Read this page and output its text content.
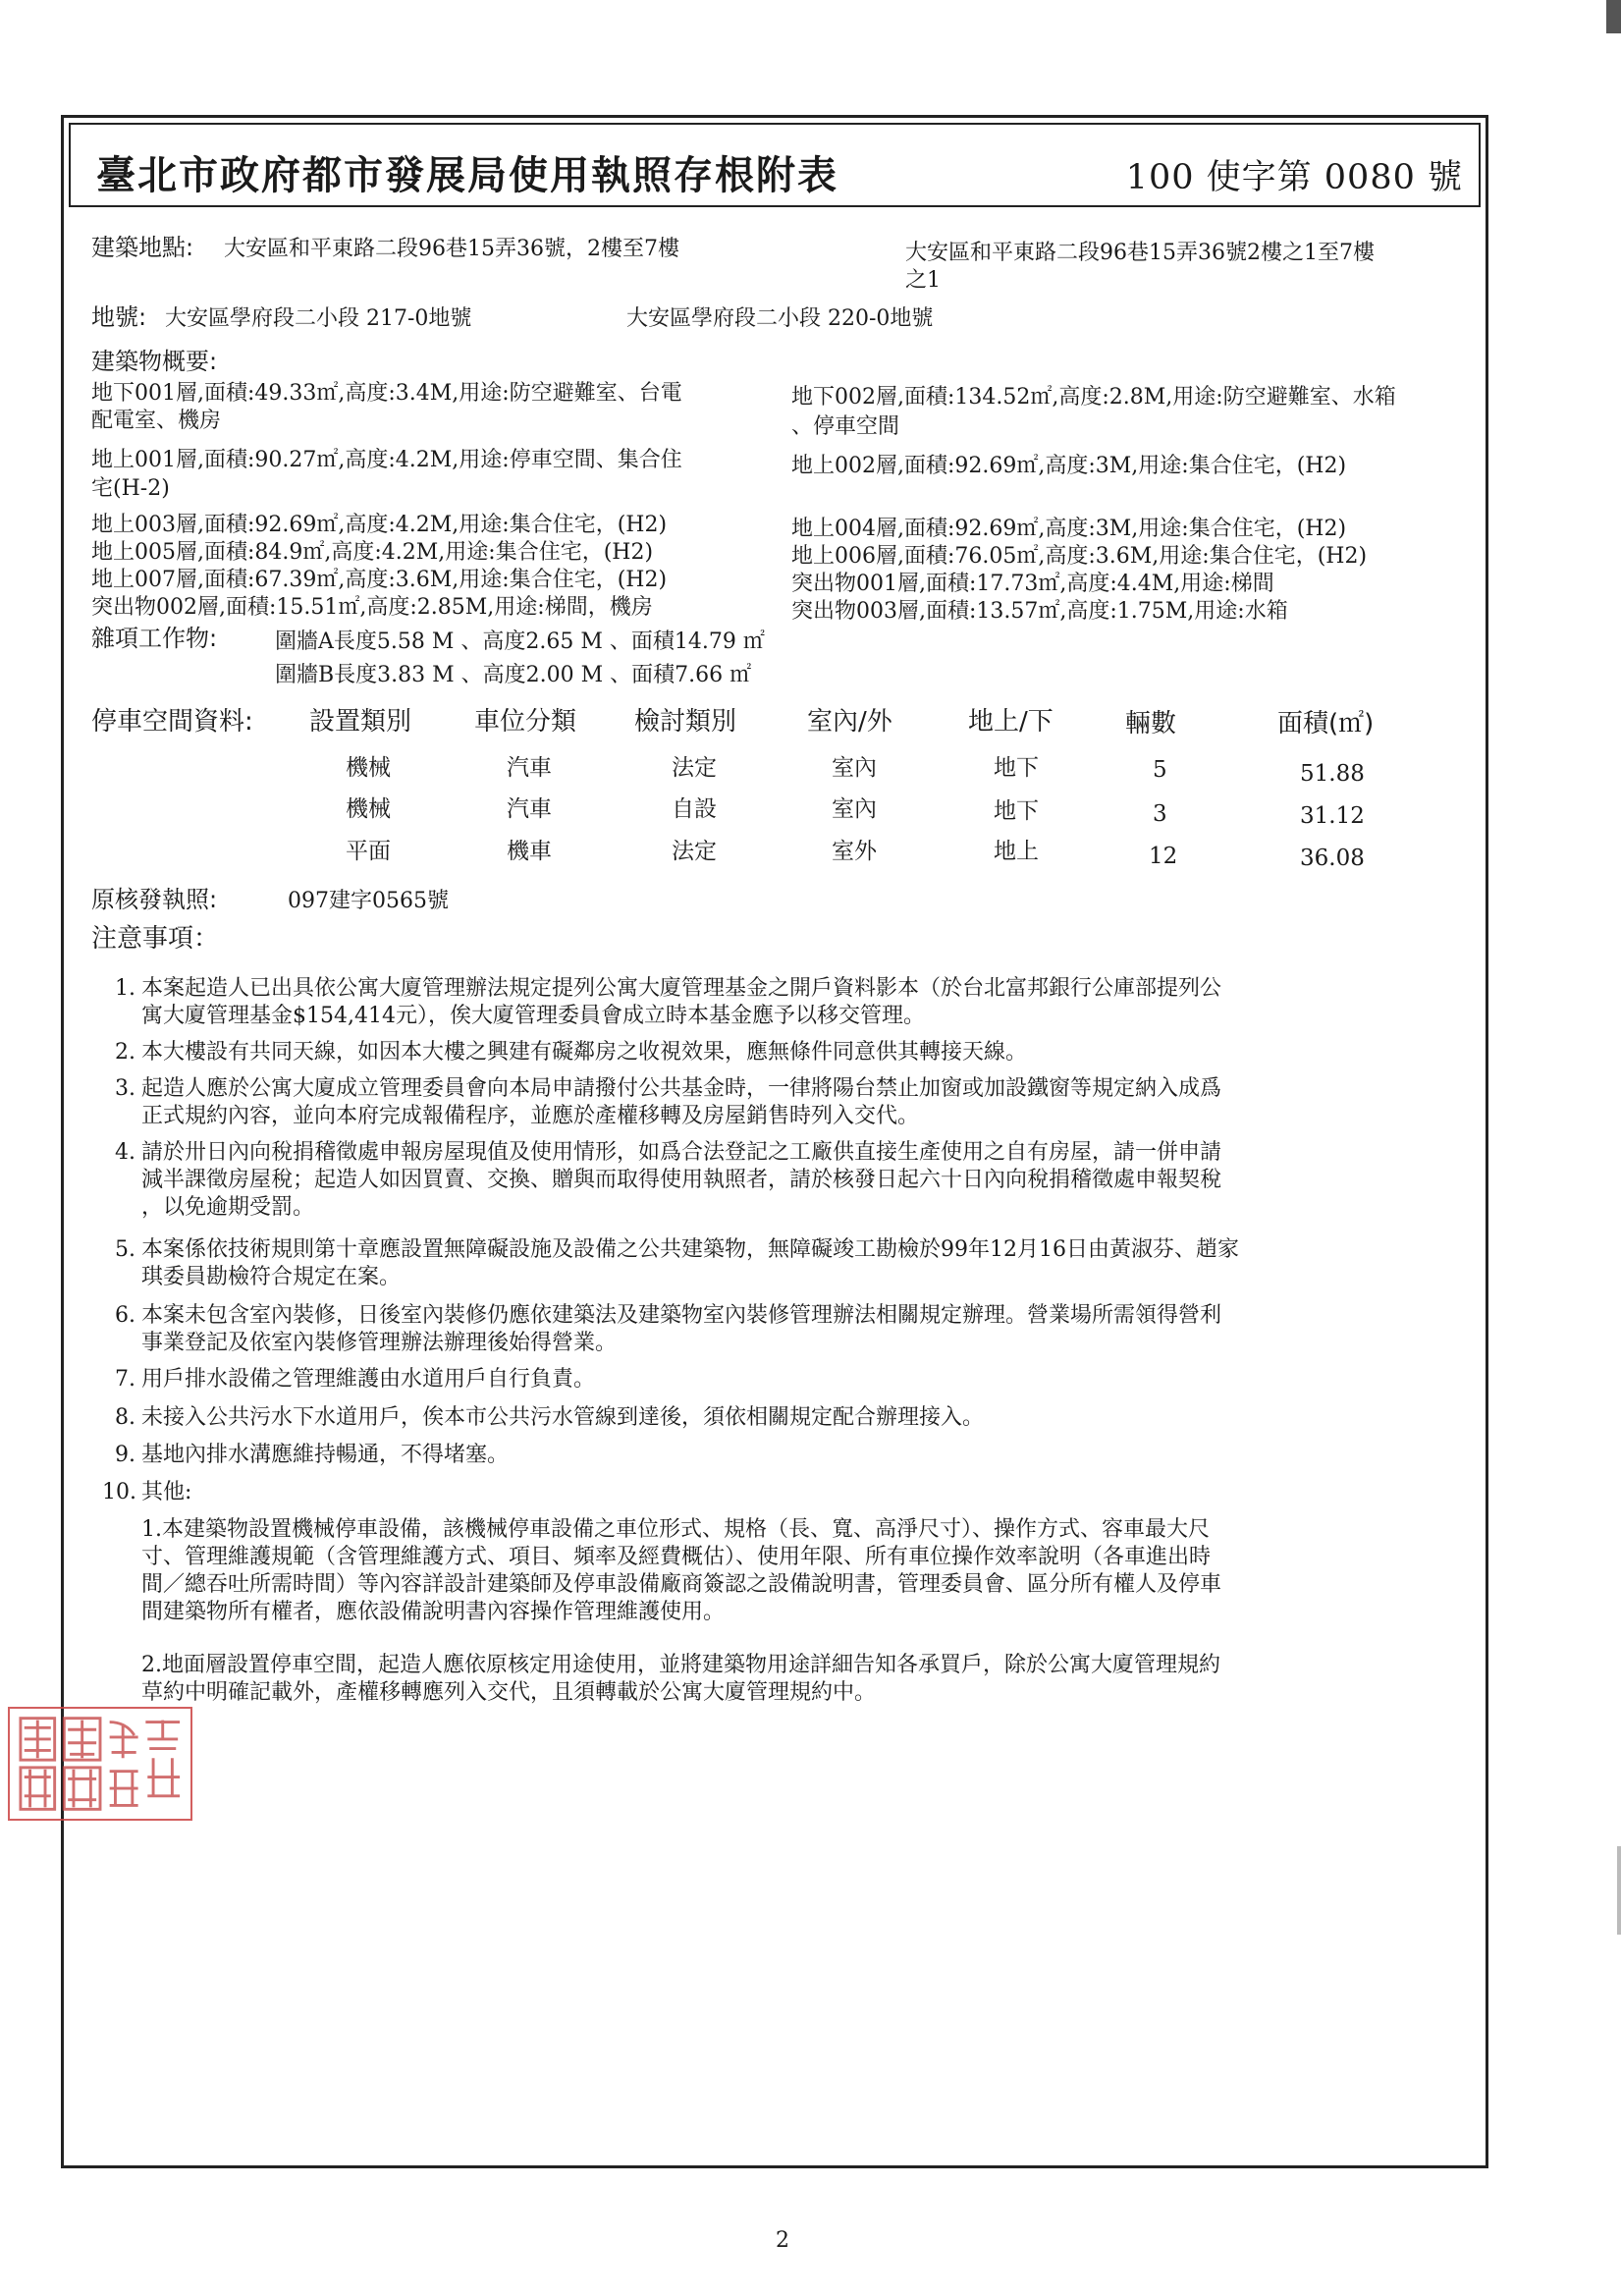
臺北市政府都市發展局使用執照存根附表	100 使字第 0080 號
建築地點: 大安區和平東路二段96巷15弄36號，2樓至7樓	大安區和平東路二段96巷15弄36號2樓之1至7樓
之1
地號: 大安區學府段二小段 217-0地號	大安區學府段二小段 220-0地號
建築物概要:
地下001層,面積:49.33㎡,高度:3.4M,用途:防空避難室、台電
配電室、機房
地上001層,面積:90.27㎡,高度:4.2M,用途:停車空間、集合住
宅(H-2)
地上003層,面積:92.69㎡,高度:4.2M,用途:集合住宅，(H2)
地上005層,面積:84.9㎡,高度:4.2M,用途:集合住宅，(H2)
地上007層,面積:67.39㎡,高度:3.6M,用途:集合住宅，(H2)
突出物002層,面積:15.51㎡,高度:2.85M,用途:梯間，機房
地下002層,面積:134.52㎡,高度:2.8M,用途:防空避難室、水箱
、停車空間
地上002層,面積:92.69㎡,高度:3M,用途:集合住宅，(H2)
地上004層,面積:92.69㎡,高度:3M,用途:集合住宅，(H2)
地上006層,面積:76.05㎡,高度:3.6M,用途:集合住宅，(H2)
突出物001層,面積:17.73㎡,高度:4.4M,用途:梯間
突出物003層,面積:13.57㎡,高度:1.75M,用途:水箱
雜項工作物:	圍牆A長度5.58 M 、高度2.65 M 、面積14.79 ㎡
圍牆B長度3.83 M 、高度2.00 M 、面積7.66 ㎡
停車空間資料: 設置類別 車位分類 檢討類別	室內/外	地上/下	輛數	面積(㎡)
機械	汽車	法定	室內	地下	5	51.88
機械	汽車	自設	室內	地下	3	31.12
平面	機車	法定	室外	地上	12	36.08
原核發執照:	097建字0565號
注意事項：
1. 本案起造人已出具依公寓大廈管理辦法規定提列公寓大廈管理基金之開戶資料影本（於台北富邦銀行公庫部提列公
寓大廈管理基金$154,414元），俟大廈管理委員會成立時本基金應予以移交管理。
2. 本大樓設有共同天線，如因本大樓之興建有礙鄰房之收視效果，應無條件同意供其轉接天線。
3. 起造人應於公寓大廈成立管理委員會向本局申請撥付公共基金時，一律將陽台禁止加窗或加設鐵窗等規定納入成爲
正式規約內容，並向本府完成報備程序，並應於產權移轉及房屋銷售時列入交代。
4. 請於卅日內向稅捐稽徵處申報房屋現值及使用情形，如爲合法登記之工廠供直接生產使用之自有房屋，請一併申請
減半課徵房屋稅；起造人如因買賣、交換、贈與而取得使用執照者，請於核發日起六十日內向稅捐稽徵處申報契稅
，以免逾期受罰。
5. 本案係依技術規則第十章應設置無障礙設施及設備之公共建築物，無障礙竣工勘檢於99年12月16日由黃淑芬、趙家
琪委員勘檢符合規定在案。
6. 本案未包含室內裝修，日後室內裝修仍應依建築法及建築物室內裝修管理辦法相關規定辦理。營業場所需領得營利
事業登記及依室內裝修管理辦法辦理後始得營業。
7. 用戶排水設備之管理維護由水道用戶自行負責。
8. 未接入公共污水下水道用戶，俟本市公共污水管線到達後，須依相關規定配合辦理接入。
9. 基地內排水溝應維持暢通，不得堵塞。
10. 其他:
1.本建築物設置機械停車設備，該機械停車設備之車位形式、規格（長、寬、高淨尺寸）、操作方式、容車最大尺
寸、管理維護規範（含管理維護方式、項目、頻率及經費概估）、使用年限、所有車位操作效率說明（各車進出時
間／總吞吐所需時間）等內容詳設計建築師及停車設備廠商簽認之設備說明書，管理委員會、區分所有權人及停車
間建築物所有權者，應依設備說明書內容操作管理維護使用。
2.地面層設置停車空間，起造人應依原核定用途使用，並將建築物用途詳細告知各承買戶，除於公寓大廈管理規約
草約中明確記載外，產權移轉應列入交代，且須轉載於公寓大廈管理規約中。
2
